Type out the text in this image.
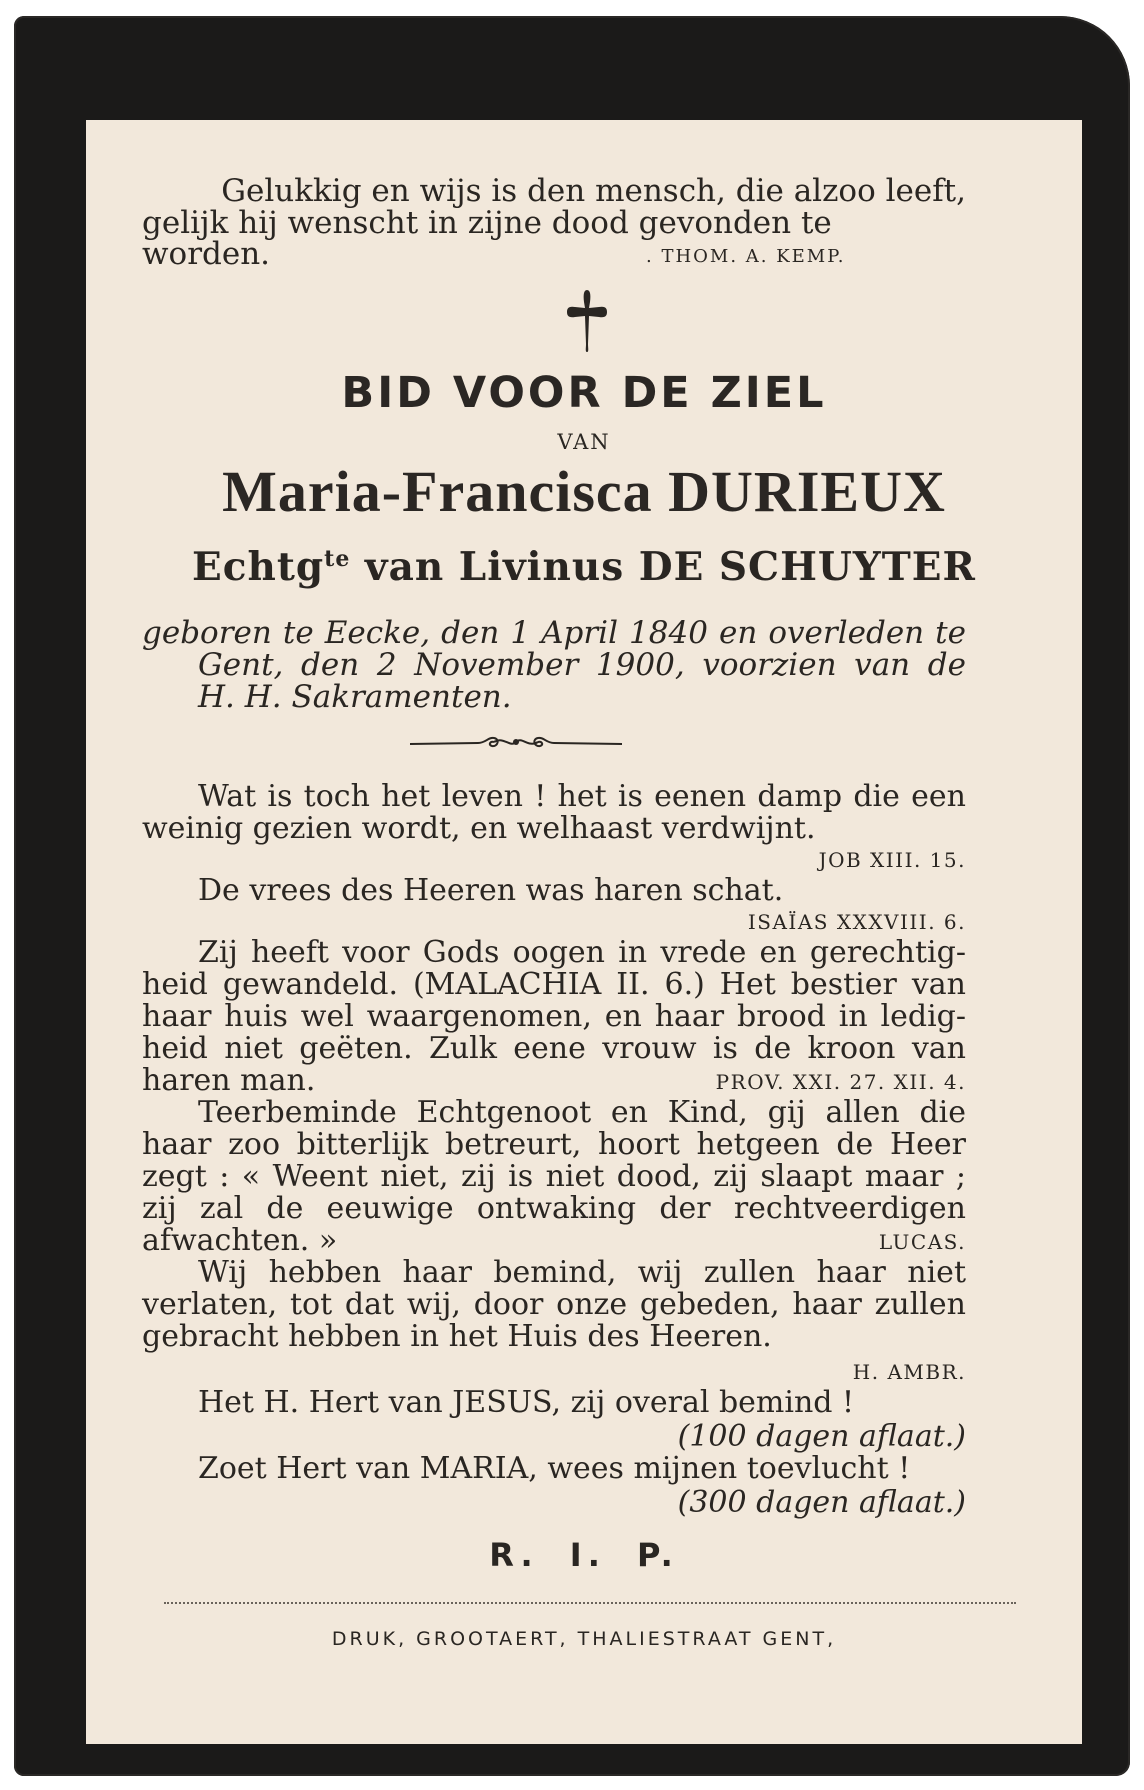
Gelukkig en wijs is den mensch, die alzoo leeft,
gelijk hij wenscht in zijne dood gevonden te worden.	. THOM. A. KEMP.
BID VOOR DE ZIEL
VAN
Maria-Francisca DURIEUX
Echtg$^{te}$ van Livinus DE SCHUYTER
geboren te Eecke, den 1 April 1840 en overleden te
Gent, den 2 November 1900, voorzien van de
H. H. Sakramenten.
Wat is toch het leven ! het is eenen damp die een
weinig gezien wordt, en welhaast verdwijnt.
JOB XIII. 15.
De vrees des Heeren was haren schat.
ISAÏAS XXXVIII. 6.
Zij heeft voor Gods oogen in vrede en gerechtig-
heid gewandeld. (MALACHIA II. 6.) Het bestier van
haar huis wel waargenomen, en haar brood in ledig-
heid niet geëten. Zulk eene vrouw is de kroon van
haren man.	PROV. XXI. 27. XII. 4.
Teerbeminde Echtgenoot en Kind, gij allen die
haar zoo bitterlijk betreurt, hoort hetgeen de Heer
zegt : « Weent niet, zij is niet dood, zij slaapt maar ;
zij zal de eeuwige ontwaking der rechtveerdigen
afwachten. »	LUCAS.
Wij hebben haar bemind, wij zullen haar niet
verlaten, tot dat wij, door onze gebeden, haar zullen
gebracht hebben in het Huis des Heeren.
H. AMBR.
Het H. Hert van JESUS, zij overal bemind !
(100 dagen aflaat.)
Zoet Hert van MARIA, wees mijnen toevlucht !
(300 dagen aflaat.)
R. I. P.
DRUK, GROOTAERT, THALIESTRAAT GENT,
